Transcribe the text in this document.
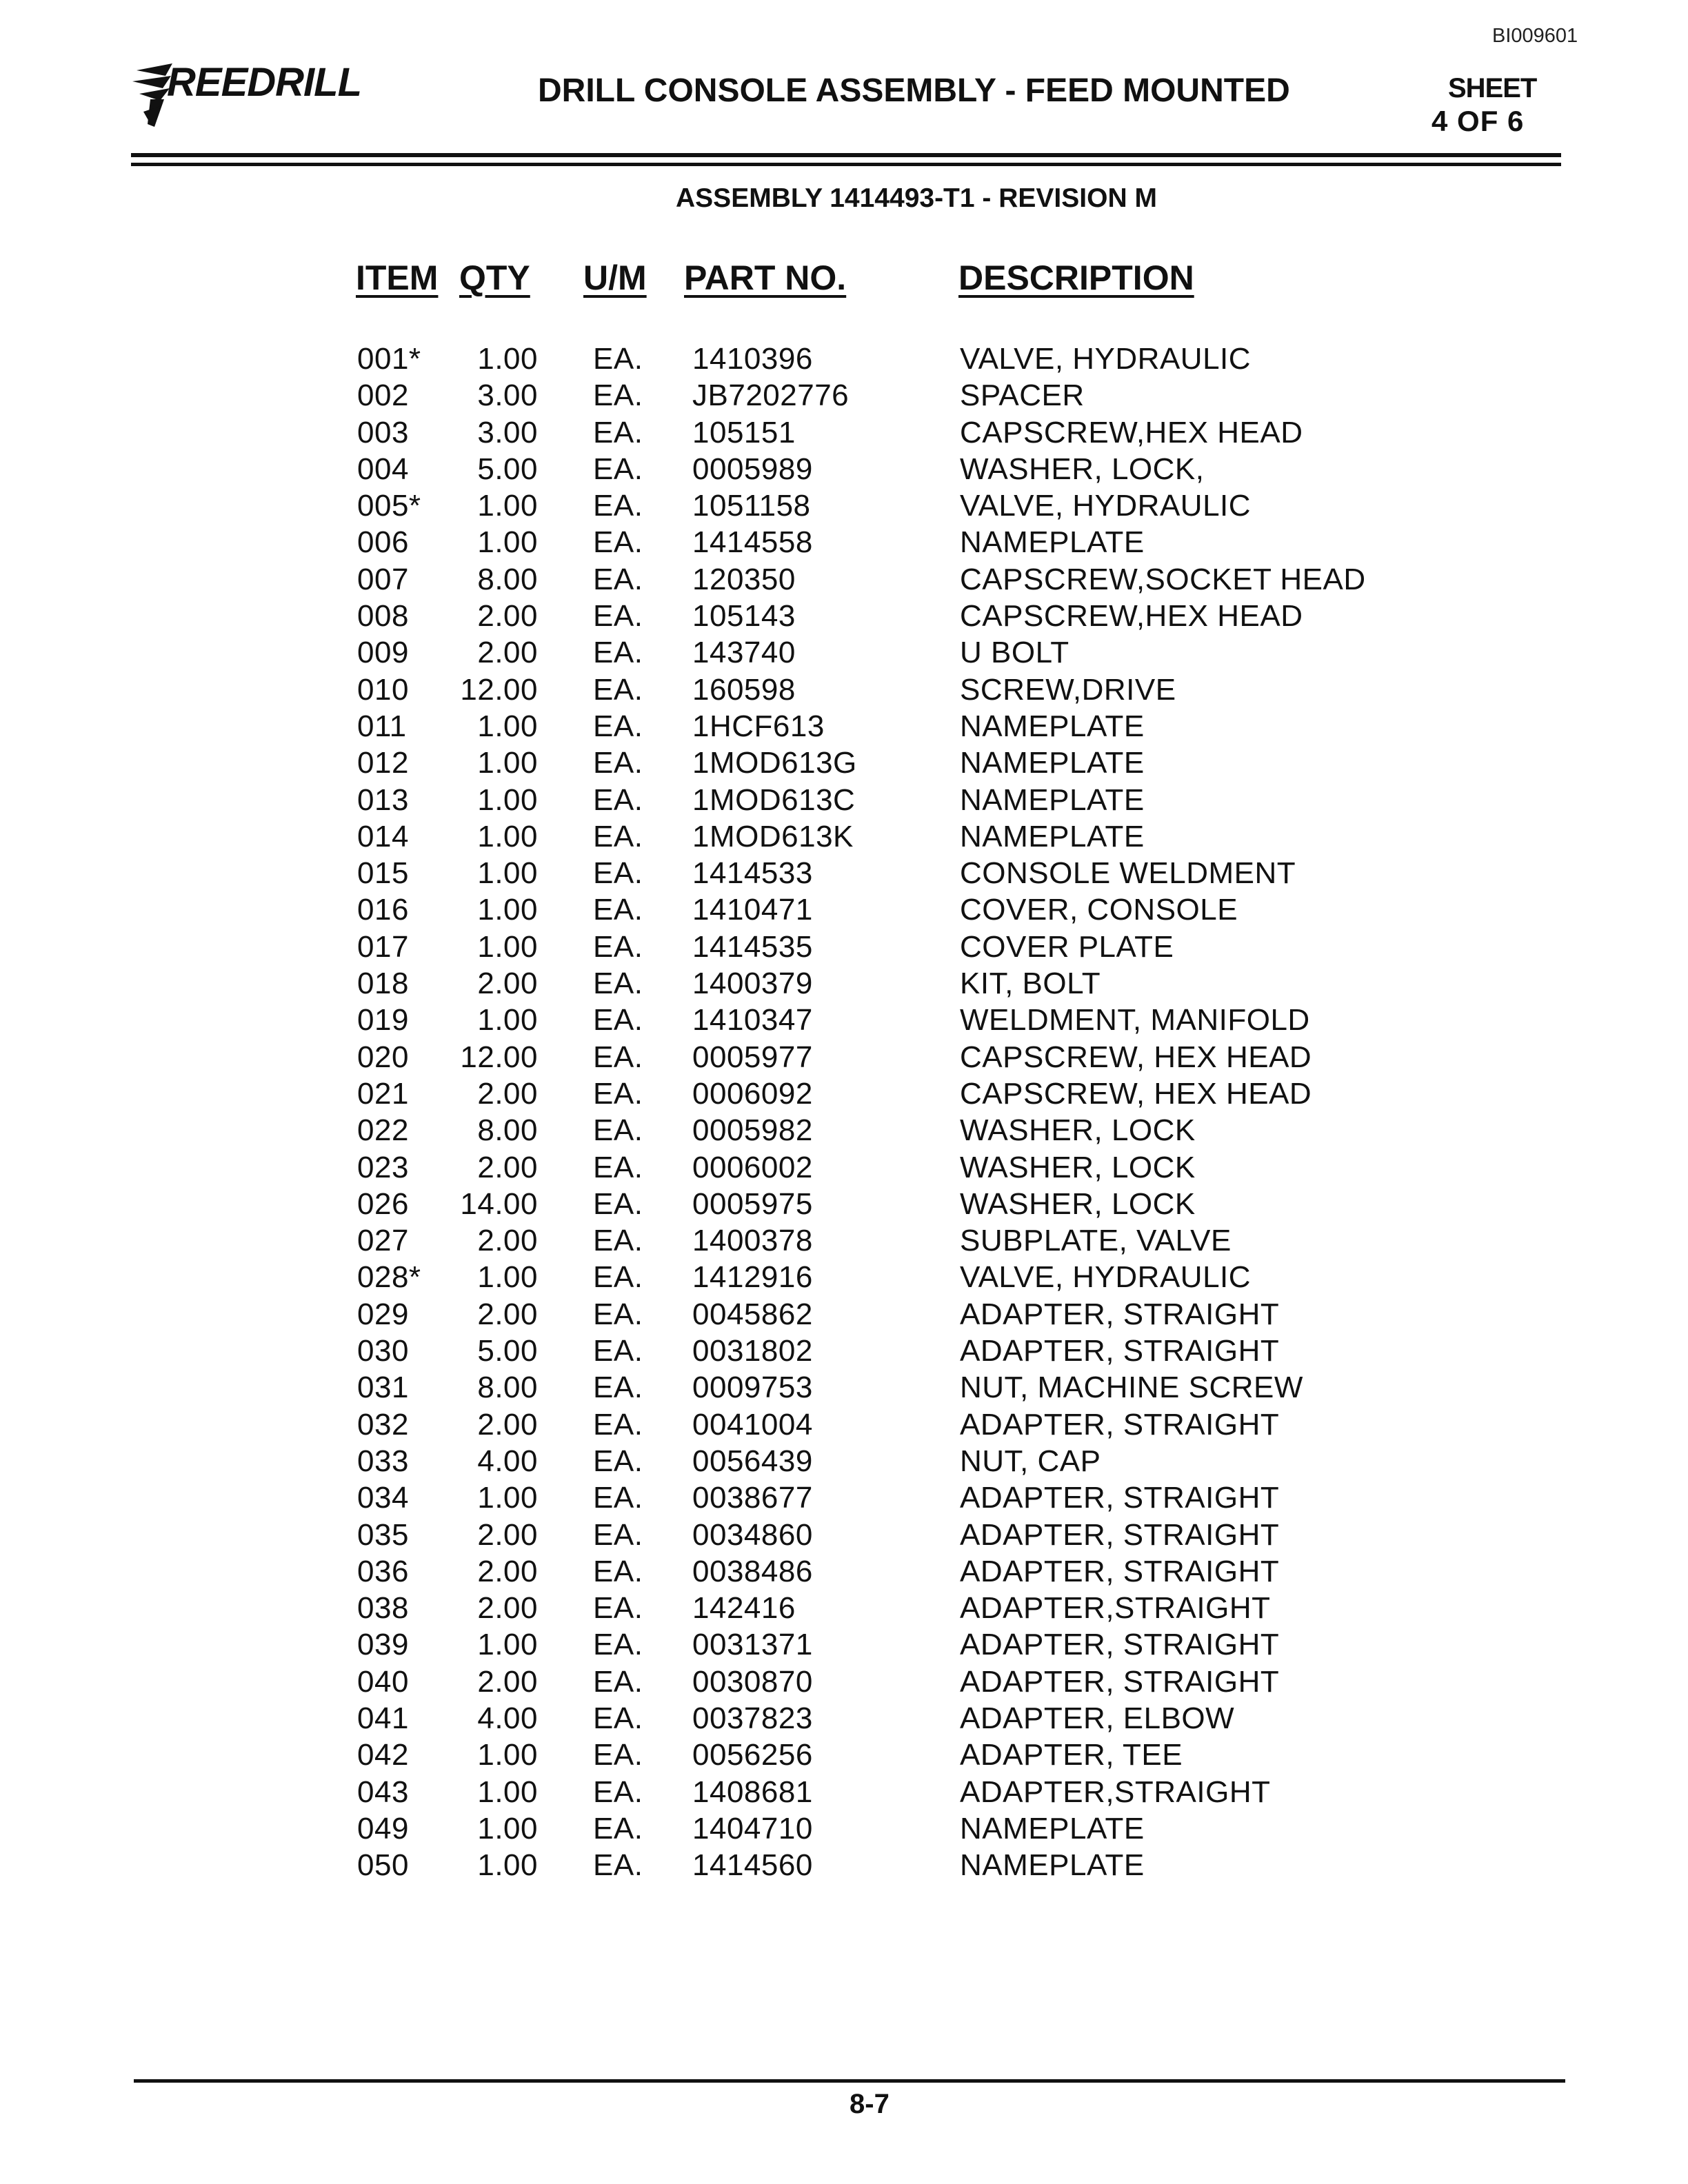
BI009601
REEDRILL	DRILL CONSOLE ASSEMBLY - FEED MOUNTED	SHEET
4 OF 6
ASSEMBLY 1414493-T1 - REVISION M
ITEM QTY U/M PART NO.	DESCRIPTION
001*	1.00 EA. 1410396	VALVE, HYDRAULIC
002	3.00 EA. JB7202776	SPACER
003	3.00 EA. 105151	CAPSCREW,HEX HEAD
004	5.00 EA. 0005989	WASHER, LOCK,
005*	1.00 EA. 1051158	VALVE, HYDRAULIC
006	1.00 EA. 1414558	NAMEPLATE
007	8.00 EA. 120350	CAPSCREW,SOCKET HEAD
008	2.00 EA. 105143	CAPSCREW,HEX HEAD
009	2.00 EA. 143740	U BOLT
010	12.00 EA. 160598	SCREW,DRIVE
011	1.00 EA. 1HCF613	NAMEPLATE
012	1.00 EA. 1MOD613G	NAMEPLATE
013	1.00 EA. 1MOD613C	NAMEPLATE
014	1.00 EA. 1MOD613K	NAMEPLATE
015	1.00 EA. 1414533	CONSOLE WELDMENT
016	1.00 EA. 1410471	COVER, CONSOLE
017	1.00 EA. 1414535	COVER PLATE
018	2.00 EA. 1400379	KIT, BOLT
019	1.00 EA. 1410347	WELDMENT, MANIFOLD
020	12.00 EA. 0005977	CAPSCREW, HEX HEAD
021	2.00 EA. 0006092	CAPSCREW, HEX HEAD
022	8.00 EA. 0005982	WASHER, LOCK
023	2.00 EA. 0006002	WASHER, LOCK
026	14.00 EA. 0005975	WASHER, LOCK
027	2.00 EA. 1400378	SUBPLATE, VALVE
028*	1.00 EA. 1412916	VALVE, HYDRAULIC
029	2.00 EA. 0045862	ADAPTER, STRAIGHT
030	5.00 EA. 0031802	ADAPTER, STRAIGHT
031	8.00 EA. 0009753	NUT, MACHINE SCREW
032	2.00 EA. 0041004	ADAPTER, STRAIGHT
033	4.00 EA. 0056439	NUT, CAP
034	1.00 EA. 0038677	ADAPTER, STRAIGHT
035	2.00 EA. 0034860	ADAPTER, STRAIGHT
036	2.00 EA. 0038486	ADAPTER, STRAIGHT
038	2.00 EA. 142416	ADAPTER,STRAIGHT
039	1.00 EA. 0031371	ADAPTER, STRAIGHT
040	2.00 EA. 0030870	ADAPTER, STRAIGHT
041	4.00 EA. 0037823	ADAPTER, ELBOW
042	1.00 EA. 0056256	ADAPTER, TEE
043	1.00 EA. 1408681	ADAPTER,STRAIGHT
049	1.00 EA. 1404710	NAMEPLATE
050	1.00 EA. 1414560	NAMEPLATE
8-7
